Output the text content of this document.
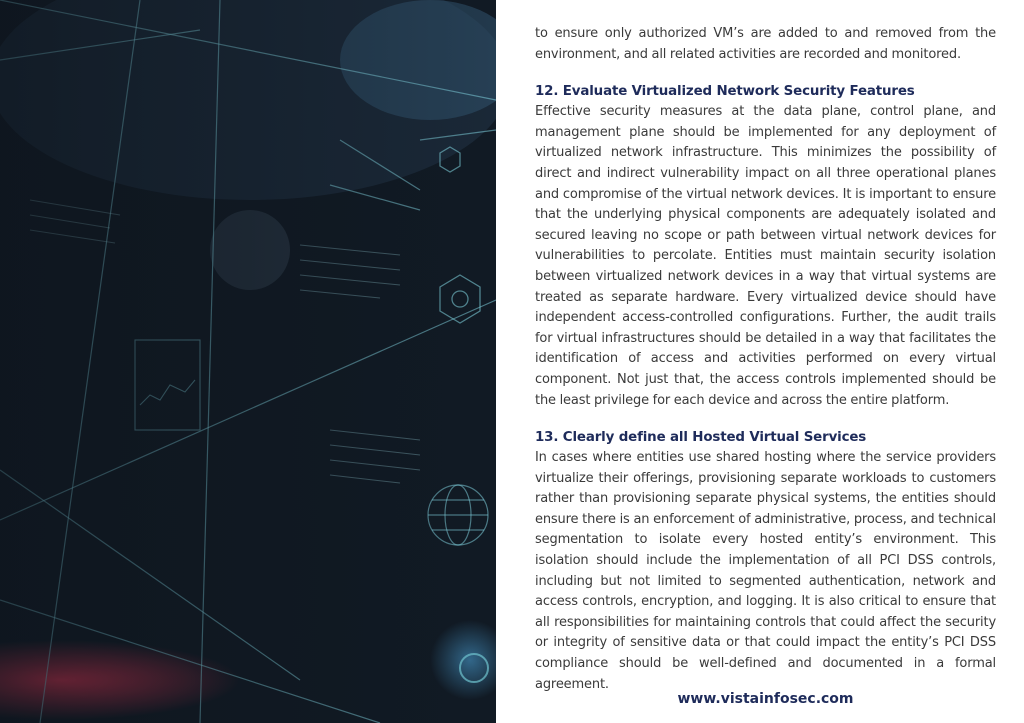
to ensure only authorized VM’s are added to and removed from the environment, and all related activities are recorded and monitored.

12. Evaluate Virtualized Network Security Features

Effective security measures at the data plane, control plane, and management plane should be implemented for any deployment of virtualized network infrastructure. This minimizes the possibility of direct and indirect vulnerability impact on all three operational planes and compromise of the virtual network devices. It is important to ensure that the underlying physical components are adequately isolated and secured leaving no scope or path between virtual network devices for vulnerabilities to percolate. Entities must maintain security isolation between virtualized network devices in a way that virtual systems are treated as separate hardware. Every virtualized device should have independent access-controlled configurations. Further, the audit trails for virtual infrastructures should be detailed in a way that facilitates the identification of access and activities performed on every virtual component. Not just that, the access controls implemented should be the least privilege for each device and across the entire platform.

13. Clearly define all Hosted Virtual Services

In cases where entities use shared hosting where the service providers virtualize their offerings, provisioning separate workloads to customers rather than provisioning separate physical systems, the entities should ensure there is an enforcement of administrative, process, and technical segmentation to isolate every hosted entity’s environment. This isolation should include the implementation of all PCI DSS controls, including but not limited to segmented authentication, network and access controls, encryption, and logging. It is also critical to ensure that all responsibilities for maintaining controls that could affect the security or integrity of sensitive data or that could impact the entity’s PCI DSS compliance should be well-defined and documented in a formal agreement.

www.vistainfosec.com
